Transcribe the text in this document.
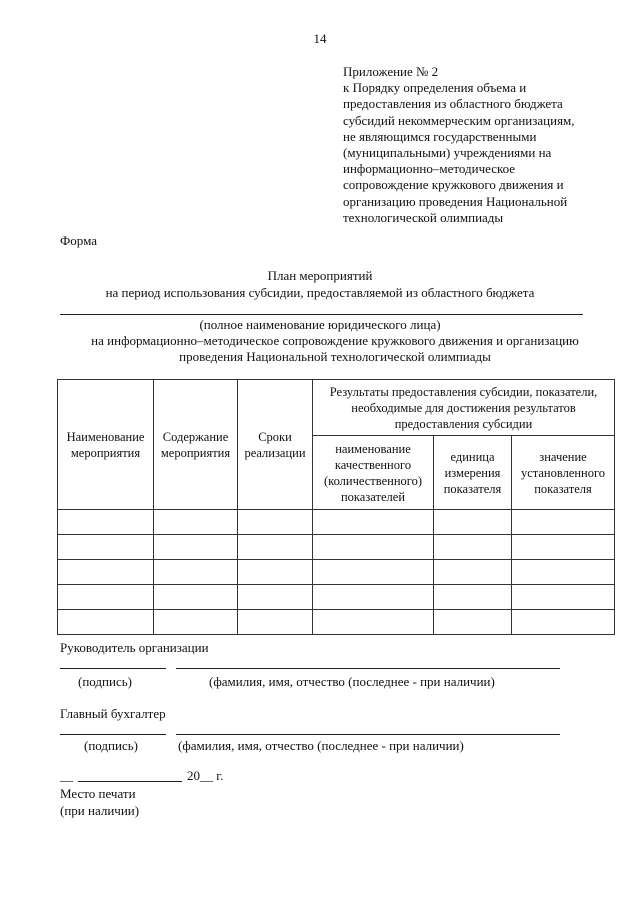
14
Приложение № 2
к Порядку определения объема и
предоставления из областного бюджета
субсидий некоммерческим организациям,
не являющимся государственными
(муниципальными) учреждениями на
информационно–методическое
сопровождение кружкового движения и
организацию проведения Национальной
технологической олимпиады
Форма
План мероприятий
на период использования субсидии, предоставляемой из областного бюджета
(полное наименование юридического лица)
на информационно–методическое сопровождение кружкового движения и организацию
проведения Национальной технологической олимпиады
Наименование мероприятия	Содержание мероприятия	Сроки реализации	Результаты предоставления субсидии, показатели, необходимые для достижения результатов предоставления субсидии		
			наименование качественного (количественного) показателей	единица измерения показателя	значение установленного показателя

Руководитель организации
(подпись)	(фамилия, имя, отчество (последнее - при наличии)
Главный бухгалтер
(подпись)	(фамилия, имя, отчество (последнее - при наличии)
__	20__ г.
Место печати
(при наличии)
